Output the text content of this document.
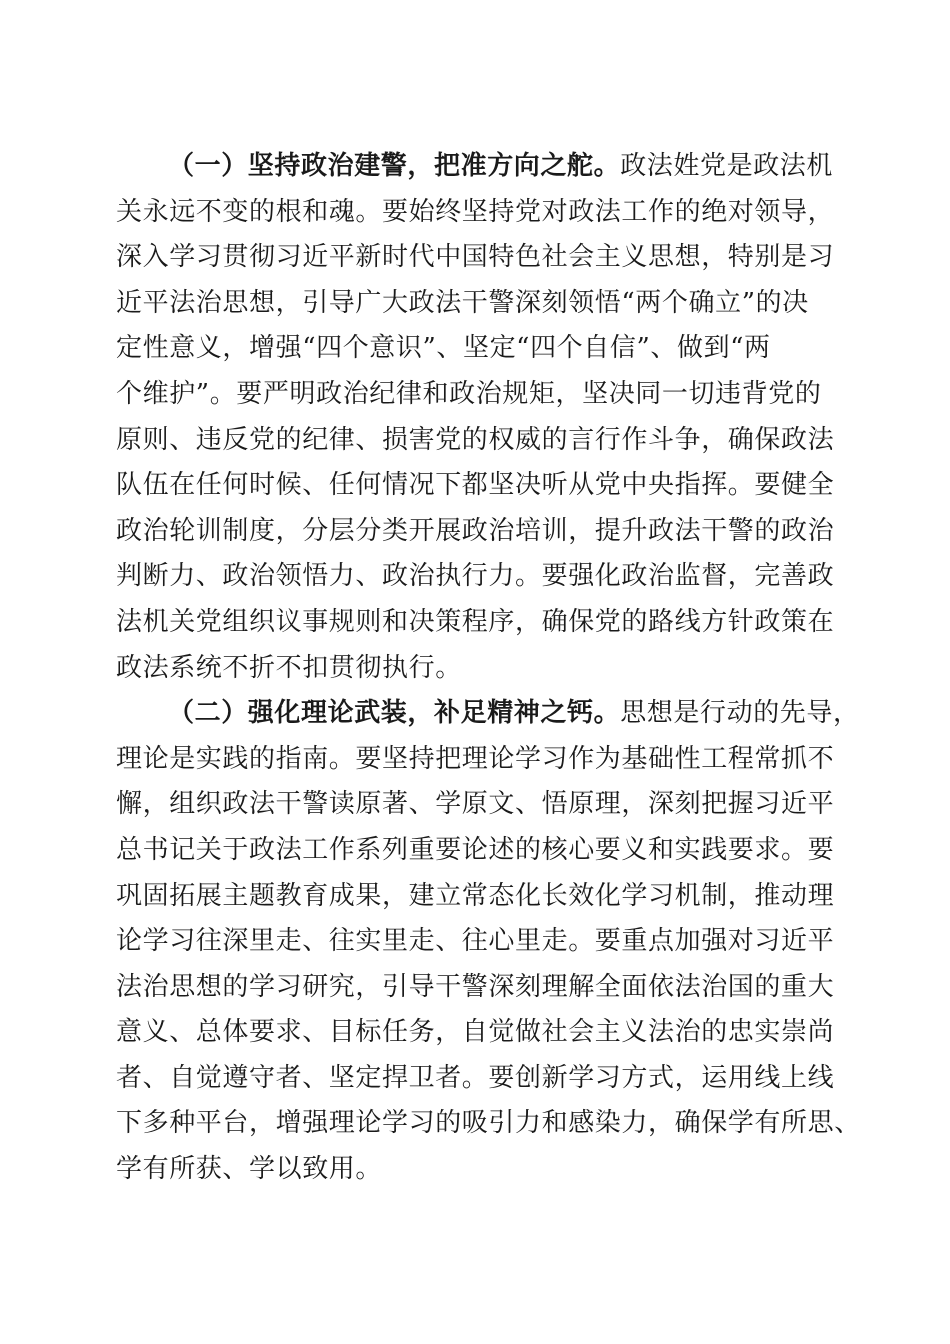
（一）坚持政治建警，把准方向之舵。政法姓党是政法机
关永远不变的根和魂。要始终坚持党对政法工作的绝对领导，
深入学习贯彻习近平新时代中国特色社会主义思想，特别是习
近平法治思想，引导广大政法干警深刻领悟“两个确立”的决
定性意义，增强“四个意识”、坚定“四个自信”、做到“两
个维护”。要严明政治纪律和政治规矩，坚决同一切违背党的
原则、违反党的纪律、损害党的权威的言行作斗争，确保政法
队伍在任何时候、任何情况下都坚决听从党中央指挥。要健全
政治轮训制度，分层分类开展政治培训，提升政法干警的政治
判断力、政治领悟力、政治执行力。要强化政治监督，完善政
法机关党组织议事规则和决策程序，确保党的路线方针政策在
政法系统不折不扣贯彻执行。
（二）强化理论武装，补足精神之钙。思想是行动的先导，
理论是实践的指南。要坚持把理论学习作为基础性工程常抓不
懈，组织政法干警读原著、学原文、悟原理，深刻把握习近平
总书记关于政法工作系列重要论述的核心要义和实践要求。要
巩固拓展主题教育成果，建立常态化长效化学习机制，推动理
论学习往深里走、往实里走、往心里走。要重点加强对习近平
法治思想的学习研究，引导干警深刻理解全面依法治国的重大
意义、总体要求、目标任务，自觉做社会主义法治的忠实崇尚
者、自觉遵守者、坚定捍卫者。要创新学习方式，运用线上线
下多种平台，增强理论学习的吸引力和感染力，确保学有所思、
学有所获、学以致用。
